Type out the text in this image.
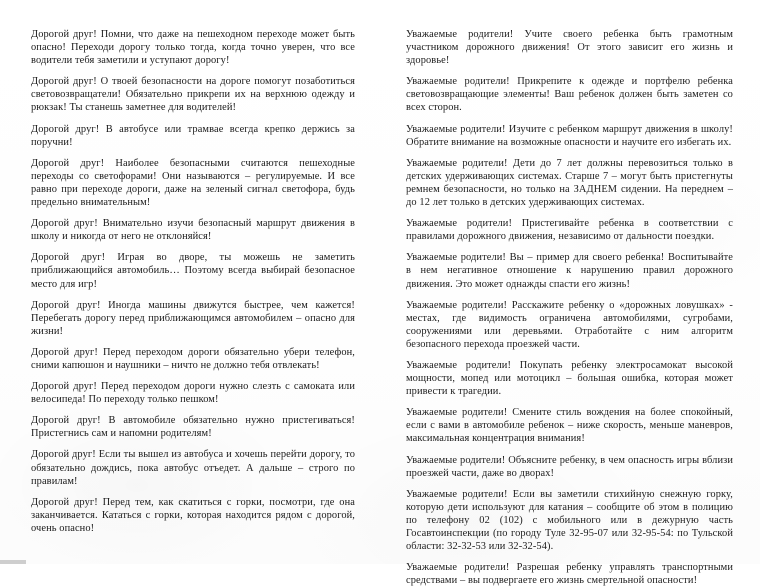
Дорогой друг! Помни, что даже на пешеходном переходе может быть опасно! Переходи дорогу только тогда, когда точно уверен, что все водители тебя заметили и уступают дорогу!

Дорогой друг! О твоей безопасности на дороге помогут позаботиться световозвращатели! Обязательно прикрепи их на верхнюю одежду и рюкзак! Ты станешь заметнее для водителей!

Дорогой друг! В автобусе или трамвае всегда крепко держись за поручни!

Дорогой друг! Наиболее безопасными считаются пешеходные переходы со светофорами! Они называются – регулируемые. И все равно при переходе дороги, даже на зеленый сигнал светофора, будь предельно внимательным!

Дорогой друг! Внимательно изучи безопасный маршрут движения в школу и никогда от него не отклоняйся!

Дорогой друг! Играя во дворе, ты можешь не заметить приближающийся автомобиль… Поэтому всегда выбирай безопасное место для игр!

Дорогой друг! Иногда машины движутся быстрее, чем кажется! Перебегать дорогу перед приближающимся автомобилем – опасно для жизни!

Дорогой друг! Перед переходом дороги обязательно убери телефон, сними капюшон и наушники – ничто не должно тебя отвлекать!

Дорогой друг! Перед переходом дороги нужно слезть с самоката или велосипеда! По переходу только пешком!

Дорогой друг! В автомобиле обязательно нужно пристегиваться! Пристегнись сам и напомни родителям!

Дорогой друг! Если ты вышел из автобуса и хочешь перейти дорогу, то обязательно дождись, пока автобус отъедет. А дальше – строго по правилам!

Дорогой друг! Перед тем, как скатиться с горки, посмотри, где она заканчивается. Кататься с горки, которая находится рядом с дорогой, очень опасно!

Уважаемые родители! Учите своего ребенка быть грамотным участником дорожного движения! От этого зависит его жизнь и здоровье!

Уважаемые родители! Прикрепите к одежде и портфелю ребенка световозвращающие элементы! Ваш ребенок должен быть заметен со всех сторон.

Уважаемые родители! Изучите с ребенком маршрут движения в школу! Обратите внимание на возможные опасности и научите его избегать их.

Уважаемые родители! Дети до 7 лет должны перевозиться только в детских удерживающих системах. Старше 7 – могут быть пристегнуты ремнем безопасности, но только на ЗАДНЕМ сидении. На переднем – до 12 лет только в детских удерживающих системах.

Уважаемые родители! Пристегивайте ребенка в соответствии с правилами дорожного движения, независимо от дальности поездки.

Уважаемые родители! Вы – пример для своего ребенка! Воспитывайте в нем негативное отношение к нарушению правил дорожного движения. Это может однажды спасти его жизнь!

Уважаемые родители! Расскажите ребенку о «дорожных ловушках» - местах, где видимость ограничена автомобилями, сугробами, сооружениями или деревьями. Отработайте с ним алгоритм безопасного перехода проезжей части.

Уважаемые родители! Покупать ребенку электросамокат высокой мощности, мопед или мотоцикл – большая ошибка, которая может привести к трагедии.

Уважаемые родители! Смените стиль вождения на более спокойный, если с вами в автомобиле ребенок – ниже скорость, меньше маневров, максимальная концентрация внимания!

Уважаемые родители! Объясните ребенку, в чем опасность игры вблизи проезжей части, даже во дворах!

Уважаемые родители! Если вы заметили стихийную снежную горку, которую дети используют для катания – сообщите об этом в полицию по телефону 02 (102) с мобильного или в дежурную часть Госавтоинспекции (по городу Туле 32-95-07 или 32-95-54: по Тульской области: 32-32-53 или 32-32-54).

Уважаемые родители! Разрешая ребенку управлять транспортными средствами – вы подвергаете его жизнь смертельной опасности!
